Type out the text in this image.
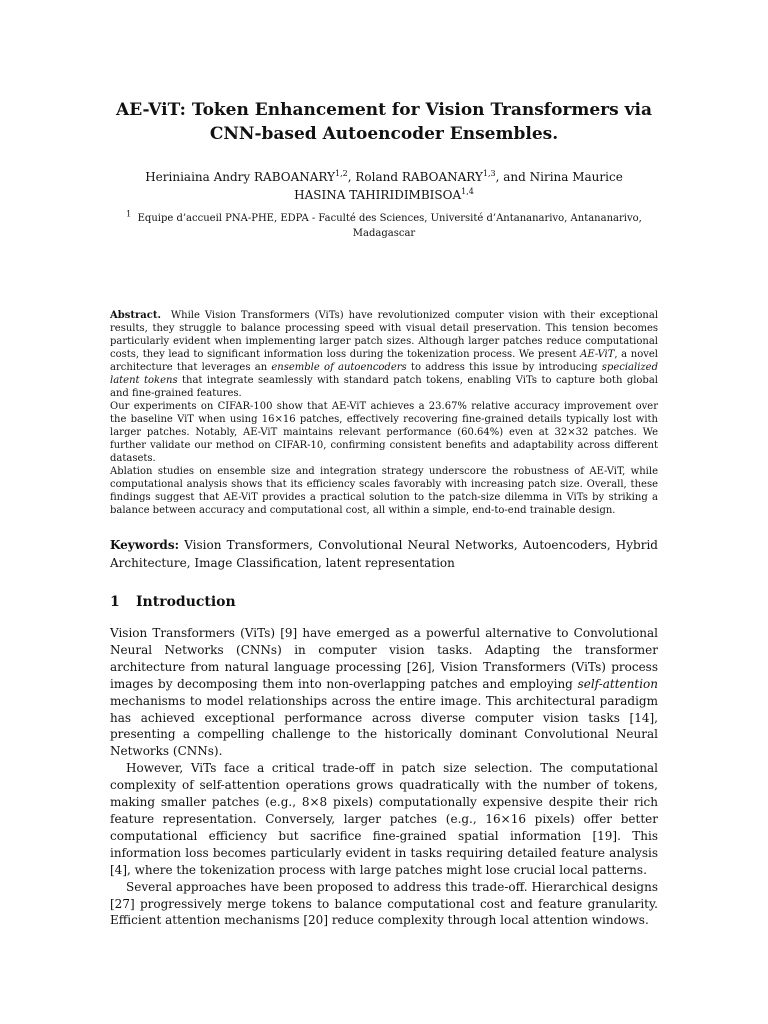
AE-ViT: Token Enhancement for Vision Transformers via
CNN-based Autoencoder Ensembles.
Heriniaina Andry RABOANARY$^{1,2}$, Roland RABOANARY$^{1,3}$, and Nirina Maurice
HASINA TAHIRIDIMBISOA$^{1,4}$
$^1$ Equipe d’accueil PNA-PHE, EDPA - Faculté des Sciences, Université d’Antananarivo, Antananarivo, Madagascar

Abstract. While Vision Transformers (ViTs) have revolutionized computer vision with their exceptional results, they struggle to balance processing speed with visual detail preservation. This tension becomes particularly evident when implementing larger patch sizes. Although larger patches reduce computational costs, they lead to significant information loss during the tokenization process. We present AE-ViT, a novel architecture that leverages an ensemble of autoencoders to address this issue by introducing specialized latent tokens that integrate seamlessly with standard patch tokens, enabling ViTs to capture both global and fine-grained features.

Our experiments on CIFAR-100 show that AE-ViT achieves a 23.67% relative accuracy improvement over the baseline ViT when using 16×16 patches, effectively recovering fine-grained details typically lost with larger patches. Notably, AE-ViT maintains relevant performance (60.64%) even at 32×32 patches. We further validate our method on CIFAR-10, confirming consistent benefits and adaptability across different datasets.

Ablation studies on ensemble size and integration strategy underscore the robustness of AE-ViT, while computational analysis shows that its efficiency scales favorably with increasing patch size. Overall, these findings suggest that AE-ViT provides a practical solution to the patch-size dilemma in ViTs by striking a balance between accuracy and computational cost, all within a simple, end-to-end trainable design.

Keywords: Vision Transformers, Convolutional Neural Networks, Autoencoders, Hybrid Architecture, Image Classification, latent representation
1 Introduction

Vision Transformers (ViTs) [9] have emerged as a powerful alternative to Convolutional Neural Networks (CNNs) in computer vision tasks. Adapting the transformer architecture from natural language processing [26], Vision Transformers (ViTs) process images by decomposing them into non-overlapping patches and employing self-attention mechanisms to model relationships across the entire image. This architectural paradigm has achieved exceptional performance across diverse computer vision tasks [14], presenting a compelling challenge to the historically dominant Convolutional Neural Networks (CNNs).

However, ViTs face a critical trade-off in patch size selection. The computational complexity of self-attention operations grows quadratically with the number of tokens, making smaller patches (e.g., 8×8 pixels) computationally expensive despite their rich feature representation. Conversely, larger patches (e.g., 16×16 pixels) offer better computational efficiency but sacrifice fine-grained spatial information [19]. This information loss becomes particularly evident in tasks requiring detailed feature analysis [4], where the tokenization process with large patches might lose crucial local patterns.

Several approaches have been proposed to address this trade-off. Hierarchical designs [27] progressively merge tokens to balance computational cost and feature granularity. Efficient attention mechanisms [20] reduce complexity through local attention windows.
